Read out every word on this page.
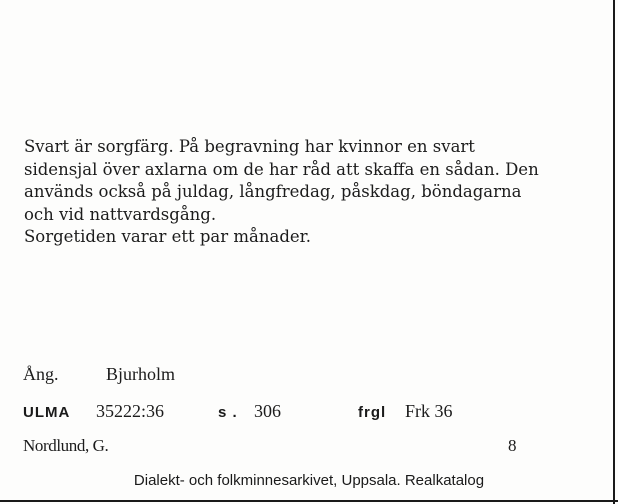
Svart är sorgfärg. På begravning har kvinnor en svart
sidensjal över axlarna om de har råd att skaffa en sådan. Den
används också på juldag, långfredag, påskdag, böndagarna
och vid nattvardsgång.
Sorgetiden varar ett par månader.
Ång.	Bjurholm
ULMA 35222:36	s . 306	frgl Frk 36
Nordlund, G.	8
Dialekt- och folkminnesarkivet, Uppsala. Realkatalog
